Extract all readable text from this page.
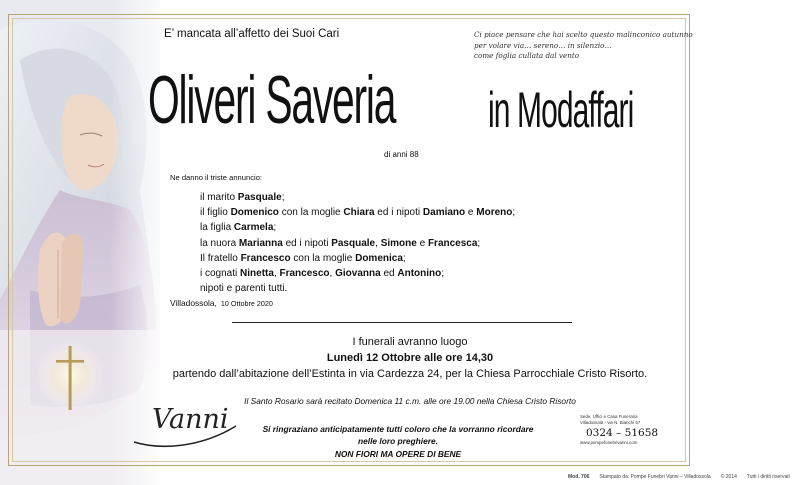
E’ mancata all’affetto dei Suoi Cari	Ci piace pensare che hai scelto questo malinconico autunno
per volare via… sereno… in silenzio…
come foglia cullata dal vento
Oliveri Saveria in Modaffari

di anni 88

Ne danno il triste annuncio:

il marito Pasquale;
il figlio Domenico con la moglie Chiara ed i nipoti Damiano e Moreno;
la figlia Carmela;
la nuora Marianna ed i nipoti Pasquale, Simone e Francesca;
Il fratello Francesco con la moglie Domenica;
i cognati Ninetta, Francesco, Giovanna ed Antonino;
nipoti e parenti tutti.

Villadossola, 10 Ottobre 2020

I funerali avranno luogo

Lunedì 12 Ottobre alle ore 14,30

partendo dall’abitazione dell’Estinta in via Cardezza 24, per la Chiesa Parrocchiale Cristo Risorto.

Il Santo Rosario sarà recitato Domenica 11 c.m. alle ore 19.00 nella Chiesa Cristo Risorto

Vanni	Si ringraziano anticipatamente tutti coloro che la vorranno ricordare
nelle loro preghiere.
NON FIORI MA OPERE DI BENE
Sede, Uffici e Casa Funeraria
Villadossola - via N. Bianchi 57
0324 – 51658
www.pompefunebrivanni.com

Mod. 706 Stampato da: Pompe Funebri Vanni – Villadossola © 2014 Tutti i diritti riservati
